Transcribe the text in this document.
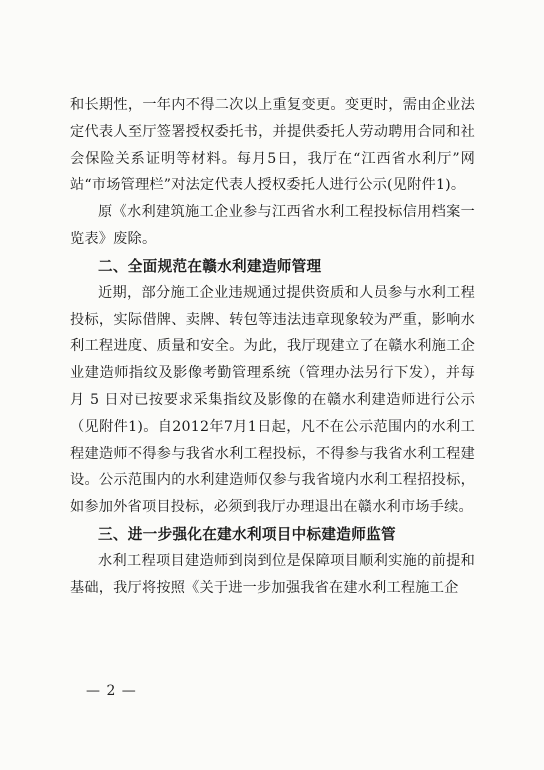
和长期性，一年内不得二次以上重复变更。变更时，需由企业法定代表人至厅签署授权委托书，并提供委托人劳动聘用合同和社会保险关系证明等材料。每月5日，我厅在“江西省水利厅”网站“市场管理栏”对法定代表人授权委托人进行公示(见附件1)。

原《水利建筑施工企业参与江西省水利工程投标信用档案一览表》废除。

二、全面规范在赣水利建造师管理

近期，部分施工企业违规通过提供资质和人员参与水利工程投标，实际借牌、卖牌、转包等违法违章现象较为严重，影响水利工程进度、质量和安全。为此，我厅现建立了在赣水利施工企业建造师指纹及影像考勤管理系统（管理办法另行下发），并每月 5 日对已按要求采集指纹及影像的在赣水利建造师进行公示（见附件1)。自2012年7月1日起，凡不在公示范围内的水利工程建造师不得参与我省水利工程投标，不得参与我省水利工程建设。公示范围内的水利建造师仅参与我省境内水利工程招投标，如参加外省项目投标，必须到我厅办理退出在赣水利市场手续。

三、进一步强化在建水利项目中标建造师监管

水利工程项目建造师到岗到位是保障项目顺利实施的前提和基础，我厅将按照《关于进一步加强我省在建水利工程施工企

— 2 —
